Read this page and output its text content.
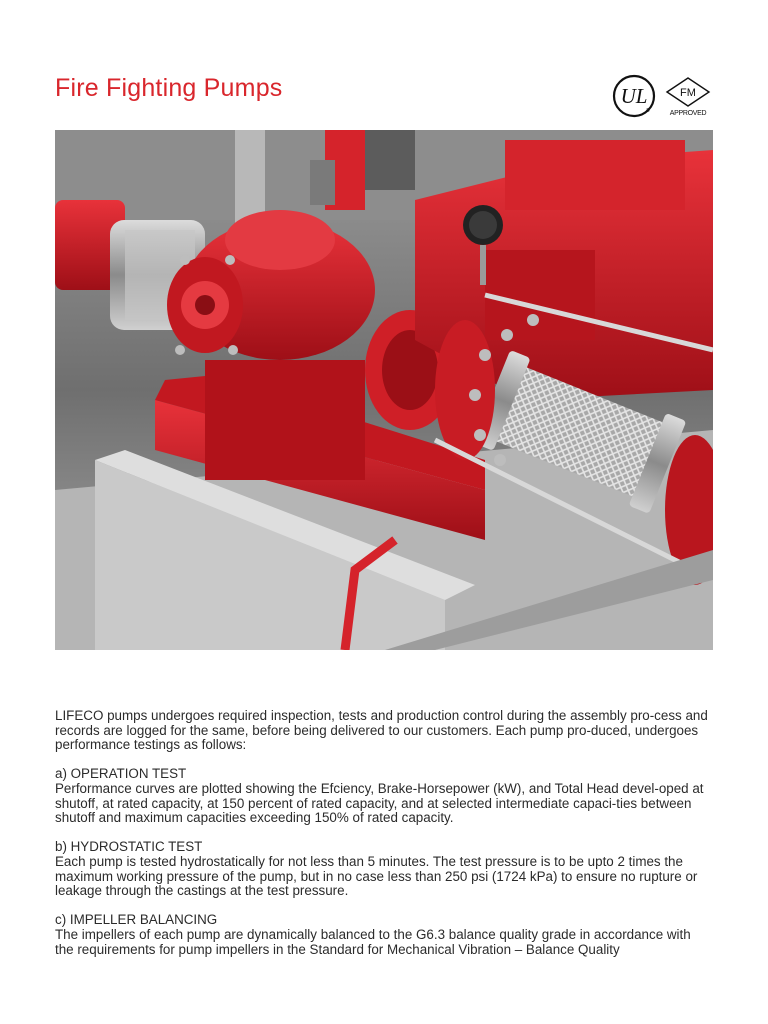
Fire Fighting Pumps	UL
®
FM
APPROVED

LIFECO pumps undergoes required inspection, tests and production control during the assembly pro-cess and records are logged for the same, before being delivered to our customers. Each pump pro-duced, undergoes performance testings as follows:

a) OPERATION TEST
Performance curves are plotted showing the Efciency, Brake-Horsepower (kW), and Total Head devel-oped at shutoff, at rated capacity, at 150 percent of rated capacity, and at selected intermediate capaci-ties between shutoff and maximum capacities exceeding 150% of rated capacity.

b) HYDROSTATIC TEST
Each pump is tested hydrostatically for not less than 5 minutes. The test pressure is to be upto 2 times the maximum working pressure of the pump, but in no case less than 250 psi (1724 kPa) to ensure no rupture or leakage through the castings at the test pressure.

c) IMPELLER BALANCING
The impellers of each pump are dynamically balanced to the G6.3 balance quality grade in accordance with the requirements for pump impellers in the Standard for Mechanical Vibration – Balance Quality
